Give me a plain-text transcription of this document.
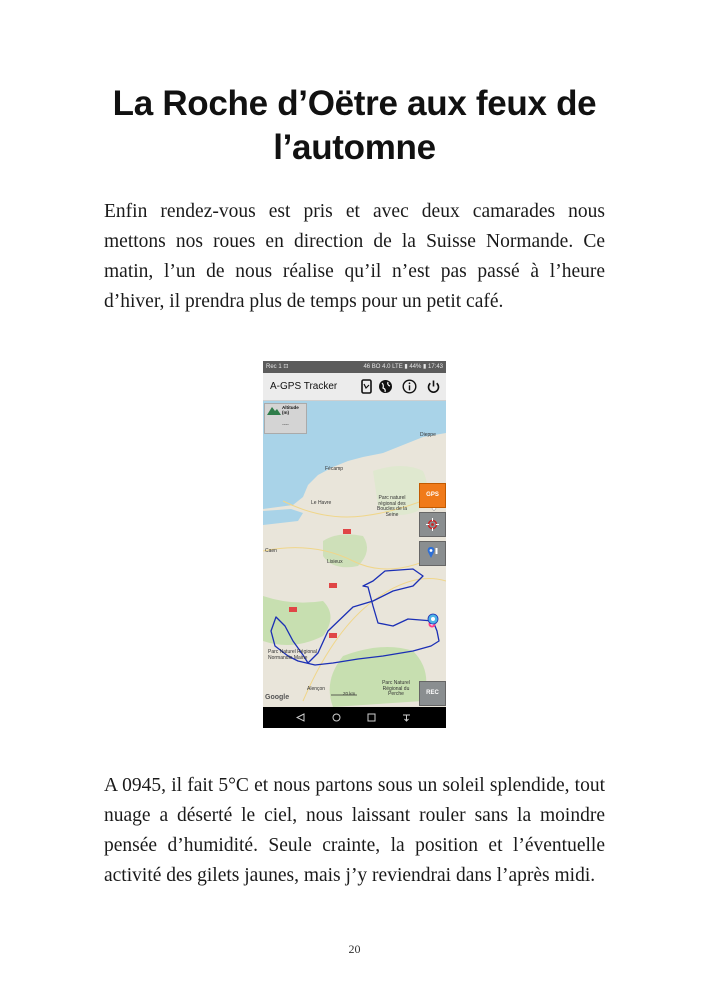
La Roche d’Oëtre aux feux de l’automne

Enfin rendez-vous est pris et avec deux camarades nous mettons nos roues en direction de la Suisse Normande. Ce matin, l’un de nous réalise qu’il n’est pas passé à l’heure d’hiver, il prendra plus de temps pour un petit café.

Rec 1 ⊡	46 BO 4.0 LTE ▮ 44% ▮ 17:43
A-GPS Tracker
Altitude (m)
----
GPS
REC
Dieppe
Fécamp
Le Havre
Caen
Lisieux
Parc naturel régional des Boucles de la Seine
Parc Naturel Régional Normandie Maine
Alençon
Parc Naturel Régional du Perche
Google
20 km

A 0945, il fait 5°C et nous partons sous un soleil splendide, tout nuage a déserté le ciel, nous laissant rouler sans la moindre pensée d’humidité. Seule crainte, la position et l’éventuelle activité des gilets jaunes, mais j’y reviendrai dans l’après midi.

20
